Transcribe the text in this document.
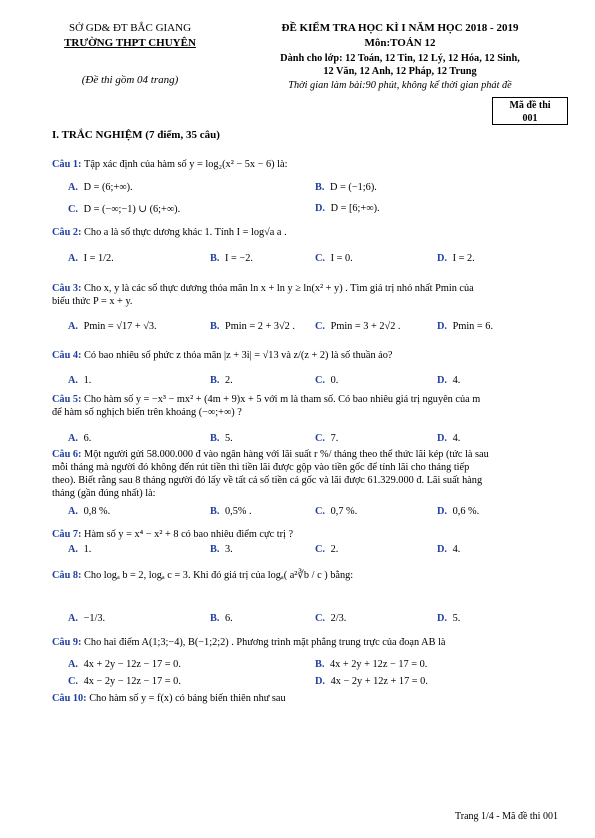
SỞ GD& ĐT BẮC GIANG
TRƯỜNG THPT CHUYÊN
(Đề thi gồm 04 trang)
ĐỀ KIỂM TRA HỌC KÌ I NĂM HỌC 2018 - 2019
Môn:TOÁN 12
Dành cho lớp: 12 Toán, 12 Tin, 12 Lý, 12 Hóa, 12 Sinh,
12 Văn, 12 Anh, 12 Pháp, 12 Trung
Thời gian làm bài:90 phút, không kể thời gian phát đề
Mã đề thi
001
I. TRẮC NGHIỆM (7 điểm, 35 câu)
Câu 1: Tập xác định của hàm số y = log₂(x² − 5x − 6) là:
A. D = (6;+∞).	B. D = (−1;6).
C. D = (−∞;−1) ∪ (6;+∞).	D. D = [6;+∞).
Câu 2: Cho a là số thực dương khác 1. Tính I = log√a a .
A. I = 1/2.	B. I = −2.	C. I = 0.	D. I = 2.
Câu 3: Cho x, y là các số thực dương thỏa mãn ln x + ln y ≥ ln(x² + y) . Tìm giá trị nhỏ nhất Pmin của
biểu thức P = x + y.
A. Pmin = √17 + √3.	B. Pmin = 2 + 3√2 . C. Pmin = 3 + 2√2 .	D. Pmin = 6.
Câu 4: Có bao nhiêu số phức z thỏa mãn |z + 3i| = √13 và z/(z + 2) là số thuần ảo?
A. 1.	B. 2.	C. 0.	D. 4.
Câu 5: Cho hàm số y = −x³ − mx² + (4m + 9)x + 5 với m là tham số. Có bao nhiêu giá trị nguyên của m
để hàm số nghịch biến trên khoảng (−∞;+∞) ?
A. 6.	B. 5.	C. 7.	D. 4.
Câu 6: Một người gửi 58.000.000 đ vào ngân hàng với lãi suất r %/ tháng theo thể thức lãi kép (tức là sau
mỗi tháng mà người đó không đến rút tiền thì tiền lãi được gộp vào tiền gốc để tính lãi cho tháng tiếp
theo). Biết rằng sau 8 tháng người đó lấy về tất cả số tiền cả gốc và lãi được 61.329.000 đ. Lãi suất hàng
tháng (gần đúng nhất) là:
A. 0,8 %.	B. 0,5% .	C. 0,7 %.	D. 0,6 %.
Câu 7: Hàm số y = x⁴ − x² + 8 có bao nhiêu điểm cực trị ?
A. 1.	B. 3.	C. 2.	D. 4.
Câu 8: Cho logₐ b = 2, logₐ c = 3. Khi đó giá trị của logₐ( a²∛b / c ) bằng:
A. −1/3.	B. 6.	C. 2/3.	D. 5.
Câu 9: Cho hai điểm A(1;3;−4), B(−1;2;2) . Phương trình mặt phẳng trung trực của đoạn AB là
A. 4x + 2y − 12z − 17 = 0.	B. 4x + 2y + 12z − 17 = 0.
C. 4x − 2y − 12z − 17 = 0.	D. 4x − 2y + 12z + 17 = 0.
Câu 10: Cho hàm số y = f(x) có bảng biến thiên như sau
Trang 1/4 - Mã đề thi 001
